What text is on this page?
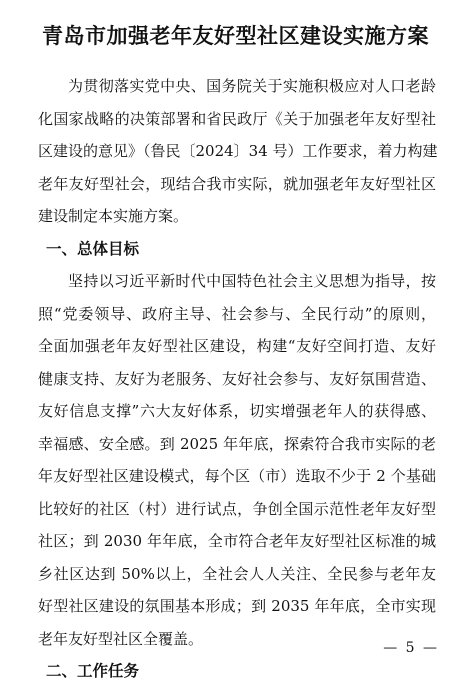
青岛市加强老年友好型社区建设实施方案
为贯彻落实党中央、国务院关于实施积极应对人口老龄
化国家战略的决策部署和省民政厅《关于加强老年友好型社
区建设的意见》（鲁民〔2024〕34 号）工作要求，着力构建
老年友好型社会，现结合我市实际，就加强老年友好型社区
建设制定本实施方案。
一、总体目标
坚持以习近平新时代中国特色社会主义思想为指导，按
照“党委领导、政府主导、社会参与、全民行动”的原则，
全面加强老年友好型社区建设，构建“友好空间打造、友好
健康支持、友好为老服务、友好社会参与、友好氛围营造、
友好信息支撑”六大友好体系，切实增强老年人的获得感、
幸福感、安全感。到 2025 年年底，探索符合我市实际的老
年友好型社区建设模式，每个区（市）选取不少于 2 个基础
比较好的社区（村）进行试点，争创全国示范性老年友好型
社区；到 2030 年年底，全市符合老年友好型社区标准的城
乡社区达到 50%以上，全社会人人关注、全民参与老年友
好型社区建设的氛围基本形成；到 2035 年年底，全市实现
老年友好型社区全覆盖。
二、工作任务
— 5 —
